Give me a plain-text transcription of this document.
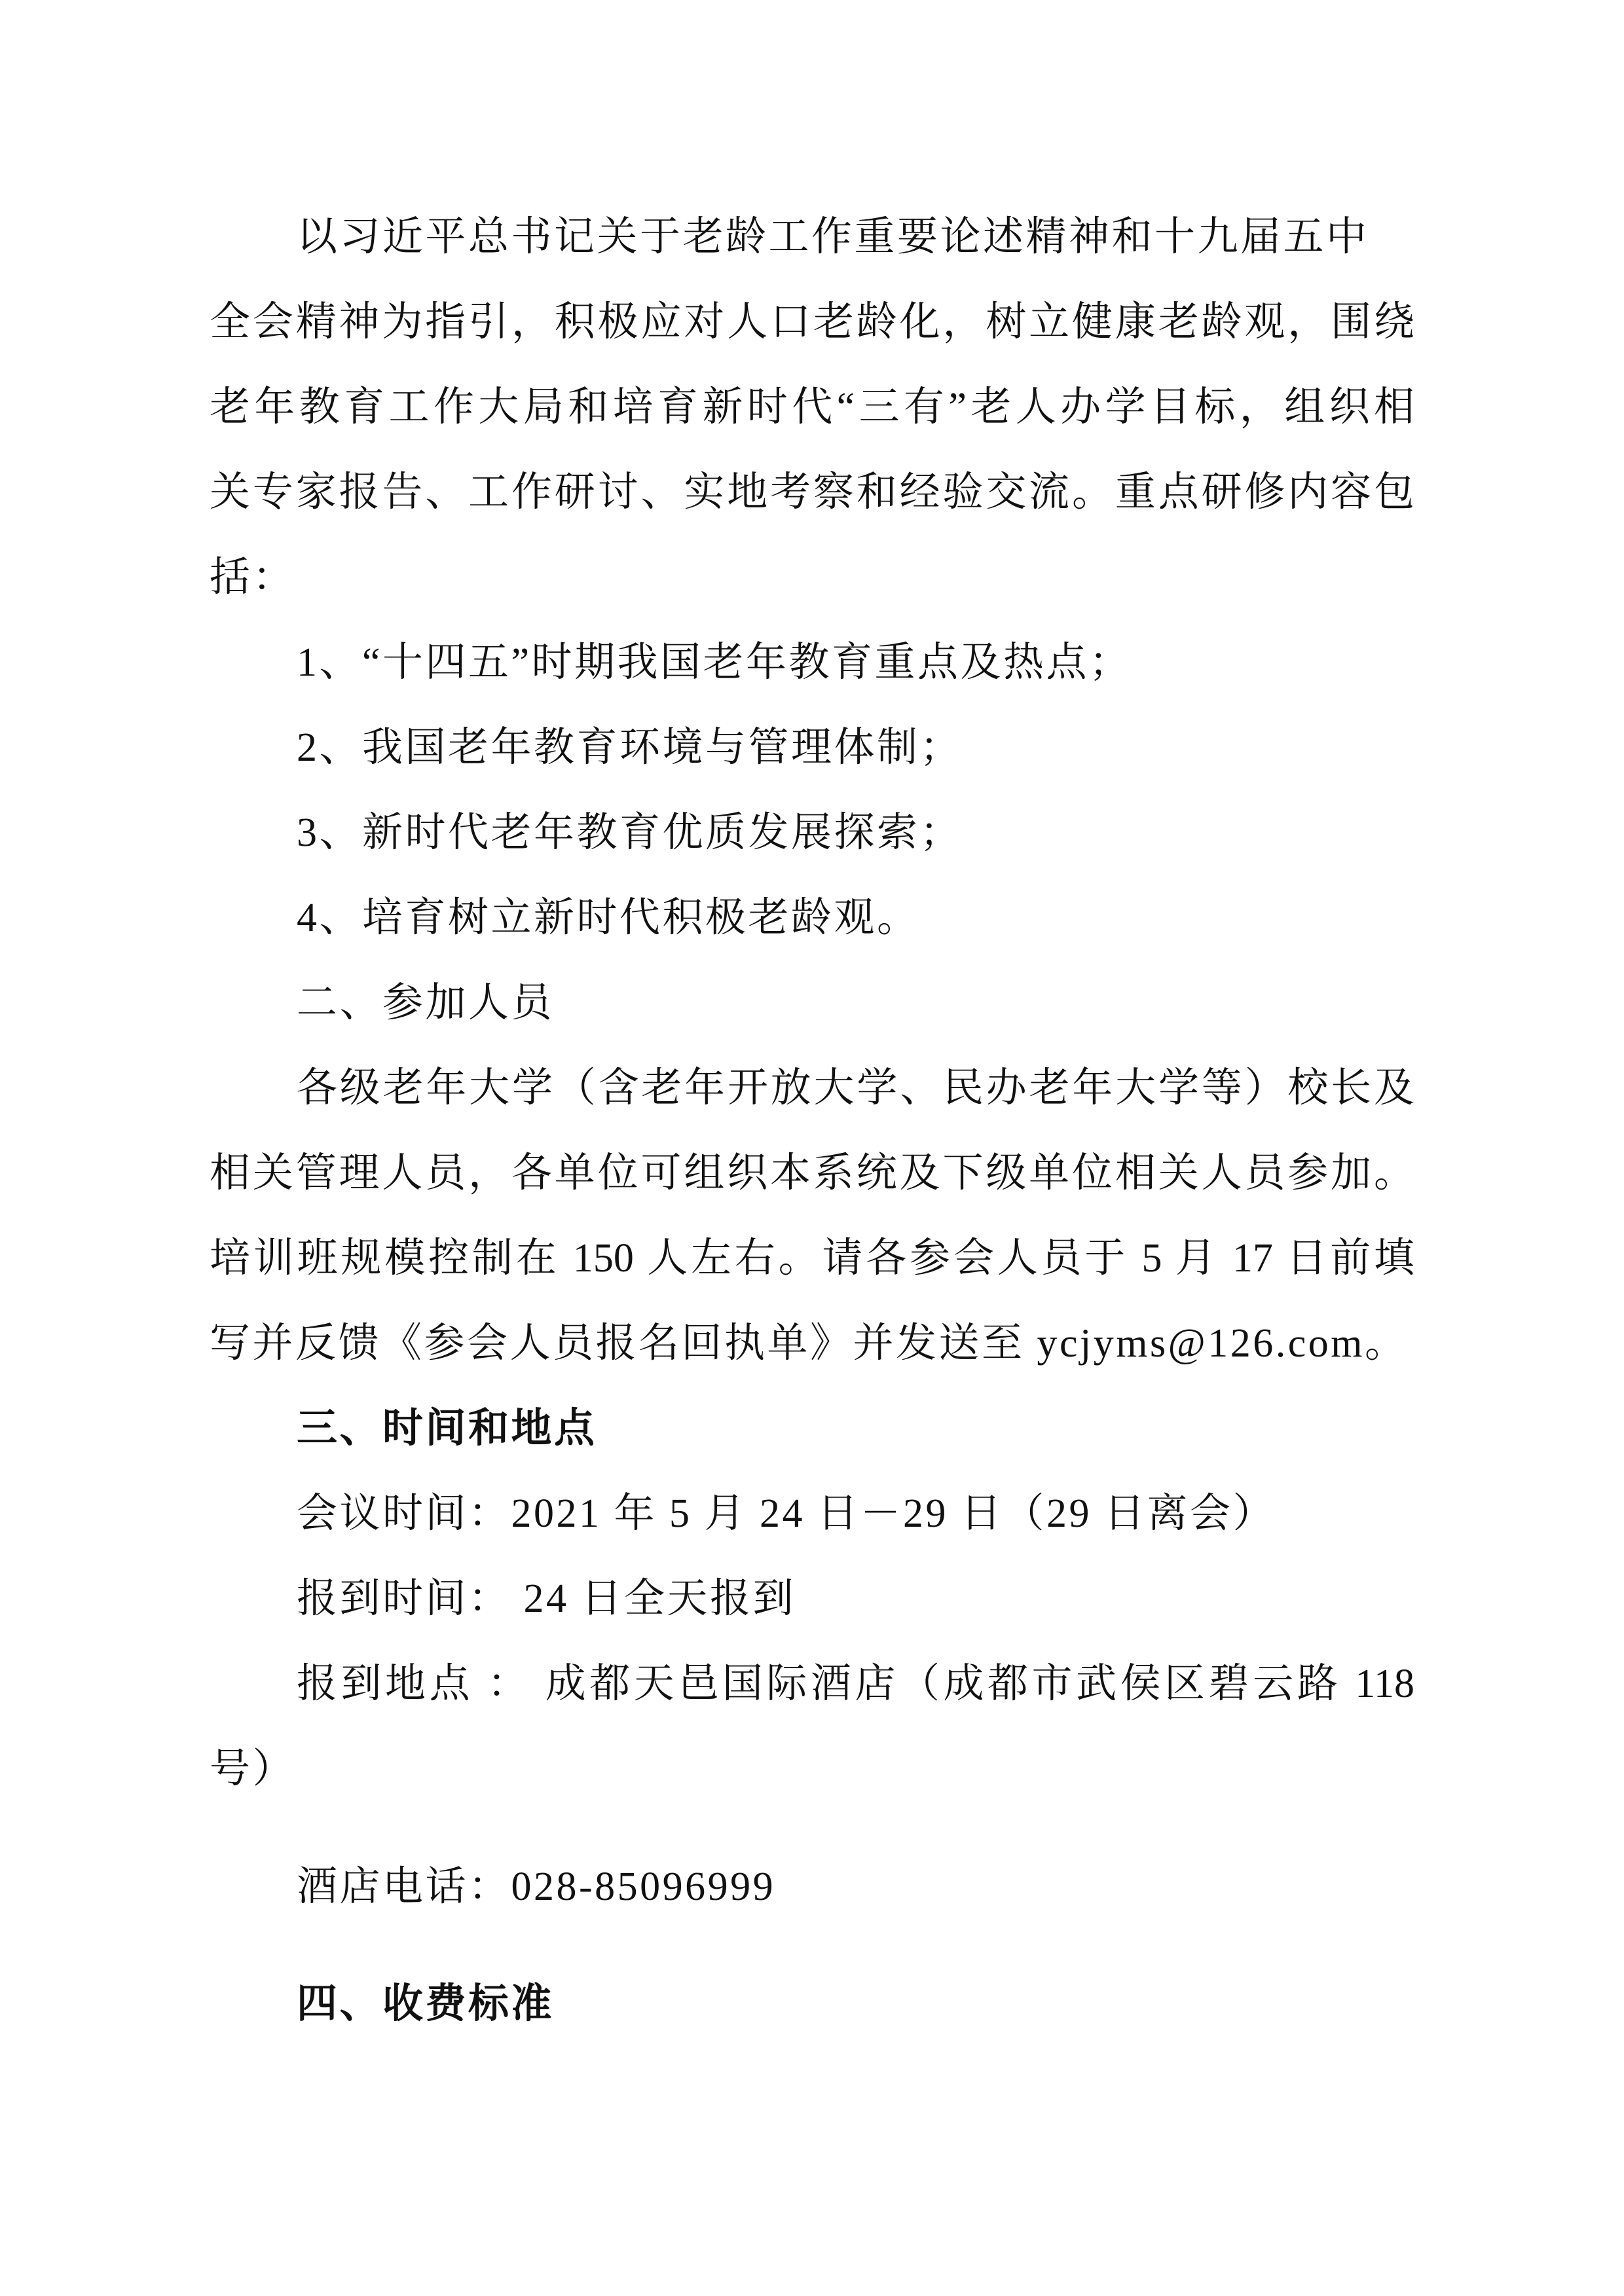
以习近平总书记关于老龄工作重要论述精神和十九届五中
全会精神为指引，积极应对人口老龄化，树立健康老龄观，围绕
老年教育工作大局和培育新时代“三有”老人办学目标，组织相
关专家报告、工作研讨、实地考察和经验交流。重点研修内容包
括：
1、“十四五”时期我国老年教育重点及热点；
2、我国老年教育环境与管理体制；
3、新时代老年教育优质发展探索；
4、培育树立新时代积极老龄观。
二、参加人员
各级老年大学（含老年开放大学、民办老年大学等）校长及
相关管理人员，各单位可组织本系统及下级单位相关人员参加。
培训班规模控制在 150 人左右。请各参会人员于 5 月 17 日前填
写并反馈《参会人员报名回执单》并发送至 ycjyms@126.com。
三、时间和地点
会议时间：2021 年 5 月 24 日－29 日（29 日离会）
报到时间： 24 日全天报到
报到地点 ： 成都天邑国际酒店（成都市武侯区碧云路 118
号）
酒店电话：028-85096999
四、收费标准
